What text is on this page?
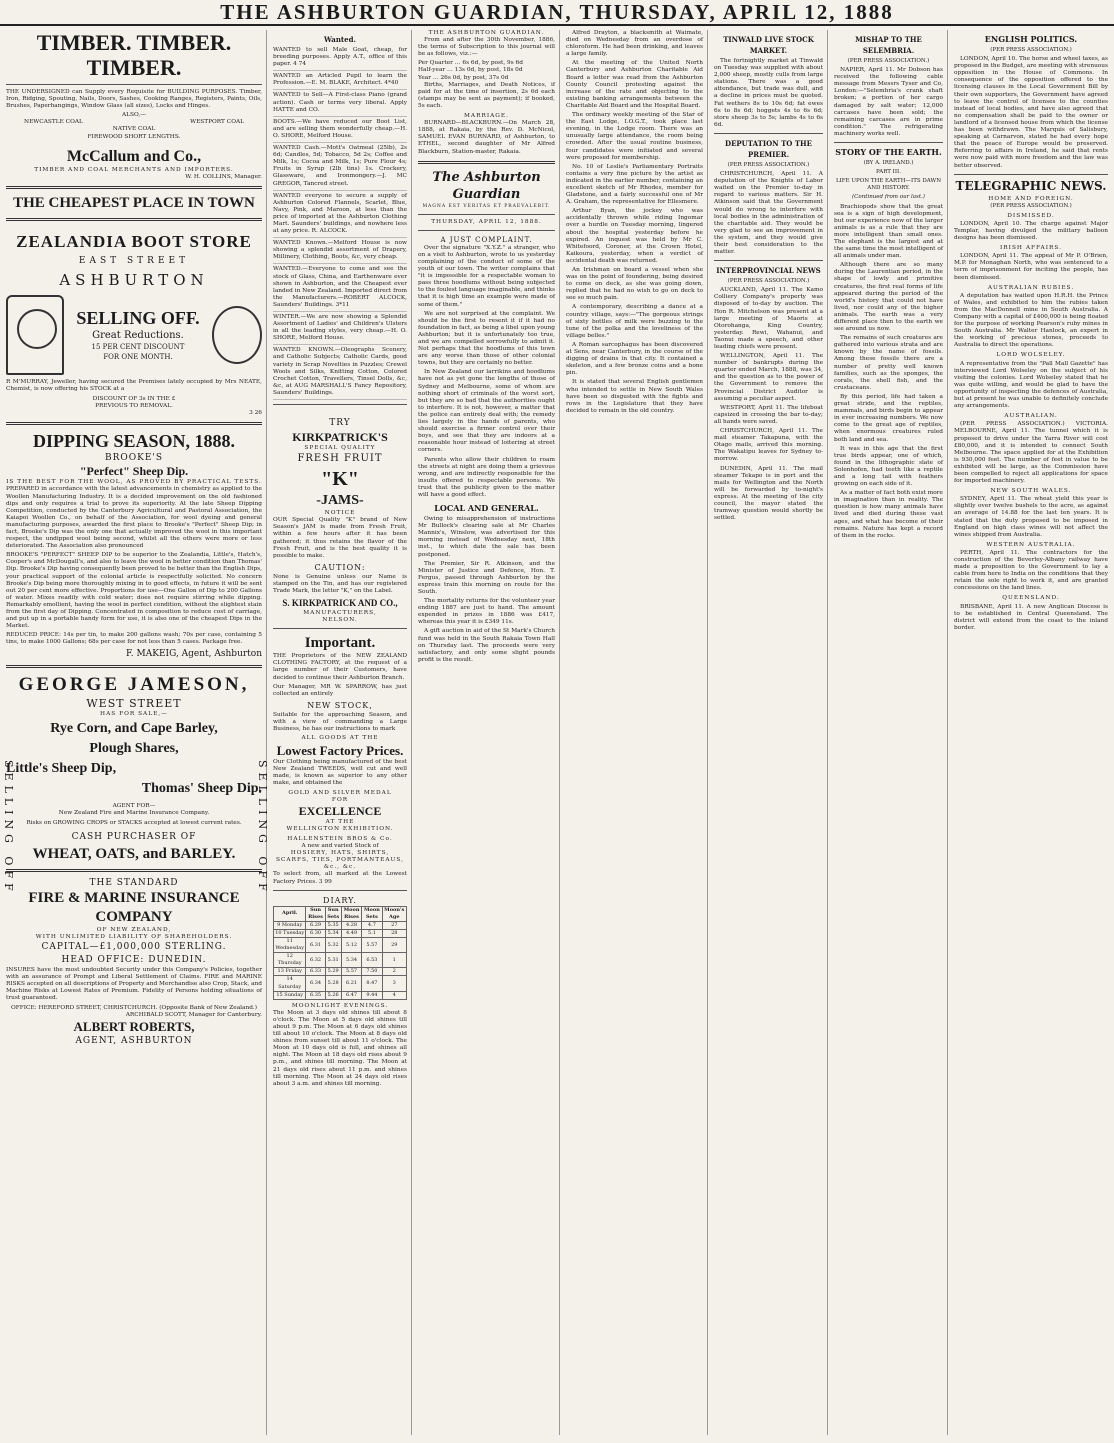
THE ASHBURTON GUARDIAN, THURSDAY, APRIL 12, 1888
TIMBER. TIMBER. TIMBER.

THE UNDERSIGNED can Supply every Requisite for BUILDING PURPOSES. Timber, Iron, Ridging, Spouting, Nails, Doors, Sashes, Cooking Ranges, Registers, Paints, Oils, Brushes, Paperhangings, Window Glass (all sizes), Locks and Hinges.

ALSO,—
NEWCASTLE COAL	WESTPORT COAL
NATIVE COAL
FIREWOOD SHORT LENGTHS.
McCallum and Co.,
TIMBER AND COAL MERCHANTS AND IMPORTERS.
W. H. COLLINS, Manager.
THE CHEAPEST PLACE IN TOWN
ZEALANDIA BOOT STORE
EAST STREET
ASHBURTON
SELLING OFF.
Great Reductions.
15 PER CENT DISCOUNT
FOR ONE MONTH.

R M'MURRAY, Jeweller, having secured the Premises lately occupied by Mrs NEATE, Chemist, is now offering his STOCK at a

DISCOUNT OF 3s IN THE £
PREVIOUS TO REMOVAL.
3 26
DIPPING SEASON, 1888.
BROOKE'S
"Perfect" Sheep Dip.
IS THE BEST FOR THE WOOL, AS PROVED BY PRACTICAL TESTS.

PREPARED in accordance with the latest advancements in chemistry as applied to the Woollen Manufacturing Industry. It is a decided improvement on the old fashioned dips and only requires a trial to prove its superiority. At the late Sheep Dipping Competition, conducted by the Canterbury Agricultural and Pastoral Association, the Kaiapoi Woollen Co., on behalf of the Association, for wool dyeing and general manufacturing purposes, awarded the first place to Brooke's "Perfect" Sheep Dip; in fact, Brooke's Dip was the only one that actually improved the wool in this important respect, the undipped wool being second, whilst all the others were more or less deteriorated. The Association also pronounced

BROOKE'S "PERFECT" SHEEP DIP to be superior to the Zealandia, Little's, Hatch's, Cooper's and McDougall's, and also to leave the wool in better condition than Thomas' Dip. Brooke's Dip having consequently been proved to be better than the English Dips, your practical support of the colonial article is respectfully solicited. No concern Brooke's Dip being more thoroughly mixing in to good effects, in future it will be sent out 20 per cent more effective. Proportions for use—One Gallon of Dip to 200 Gallons of water. Mixes readily with cold water; does not require stirring while dipping. Remarkably emollient, having the wool in perfect condition, without the slightest stain from the first day of Dipping. Concentrated in composition to reduce cost of carriage, and put up in a portable handy form for use, it is also one of the cheapest Dips in the Market.

REDUCED PRICE: 14s per tin, to make 200 gallons wash; 70s per case, containing 5 tins, to make 1000 Gallons; 68s per case for not less than 5 cases. Package free.

F. MAKEIG, Agent, Ashburton
GEORGE JAMESON,
WEST STREET
HAS FOR SALE,—
Rye Corn, and Cape Barley,
Plough Shares,
Little's Sheep Dip,
Thomas' Sheep Dip.
AGENT FOR—
New Zealand Fire and Marine Insurance Company.
Risks on GROWING CROPS or STACKS accepted at lowest current rates.
CASH PURCHASER OF
WHEAT, OATS, and BARLEY.
THE STANDARD
FIRE & MARINE INSURANCE COMPANY
OF NEW ZEALAND,
WITH UNLIMITED LIABILITY OF SHAREHOLDERS.
CAPITAL—£1,000,000 STERLING.
HEAD OFFICE: DUNEDIN.

INSURES have the most undoubted Security under this Company's Policies, together with an assurance of Prompt and Liberal Settlement of Claims. FIRE and MARINE RISKS accepted on all descriptions of Property and Merchandise also Crop, Stack, and Machine Risks at Lowest Rates of Premium. Fidelity of Persons holding situations of trust guaranteed.

OFFICE: HEREFORD STREET, CHRISTCHURCH. (Opposite Bank of New Zealand.)
ARCHIBALD SCOTT, Manager for Canterbury.
ALBERT ROBERTS,
AGENT, ASHBURTON
SELLING OFF	SELLING OFF
Wanted.

WANTED to sell Male Goat, cheap, for breeding purposes. Apply A.T., office of this paper. 4 74

WANTED an Articled Pupil to learn the Profession.—E. M. BLAKE, Architect. 4*40

WANTED to Sell—A First-class Piano (grand action). Cash or terms very liberal. Apply HATTE and CO.

BOOTS.—We have reduced our Boot List, and are selling them wonderfully cheap.—H. O. SHORE, Melford House.

WANTED Cash.—Mott's Oatmeal (25lb), 2s 6d; Candles, 5d; Tobacco, 5d 2s; Coffee and Milk, 1s; Cocoa and Milk, 1s; Pure Flour 4s; Fruits in Syrup (2lb tins) 1s. Crockery, Glassware, and Ironmongery.—J. MC GREGOR, Tancred street.

WANTED everyone to secure a supply of Ashburton Colored Flannels, Scarlet, Blue, Navy, Pink, and Maroon, at less than the price of imported at the Ashburton Clothing Mart. Saunders' buildings, and nowhere less at any price. R. ALCOCK.

WANTED Known.—Melford House is now showing a splendid assortment of Drapery, Millinery, Clothing, Boots, &c, very cheap.

WANTED.—Everyone to come and see the stock of Glass, China, and Earthenware ever shown in Ashburton, and the Cheapest ever landed in New Zealand. Imported direct from the Manufacturers.—ROBERT ALCOCK, Saunders' Buildings. 3*11

WINTER.—We are now showing a Splendid Assortment of Ladies' and Children's Ulsters in all the leading styles, very cheap.—H. O. SHORE, Melford House.

WANTED KNOWN.—Oleographs Scenery, and Catholic Subjects; Catholic Cards, good variety in Scrap Novelties in Puzzles; Crewel Wools and Silks, Knitting Cotton, Colored Crochet Cotton, Travellers, Tinsel Dolls, &c, &c, at AUG MARSHALL'S Fancy Repository, Saunders' Buildings.

TRY
KIRKPATRICK'S
SPECIAL QUALITY
FRESH FRUIT
"K"
-JAMS-
NOTICE

OUR Special Quality "K" brand of New Season's JAM is made from Fresh Fruit, within a few hours after it has been gathered; it thus retains the flavor of the Fresh Fruit, and is the best quality it is possible to make.

CAUTION:

None is Genuine unless our Name is stamped on the Tin, and has our registered Trade Mark, the letter "K," on the Label.

S. KIRKPATRICK AND CO.,
MANUFACTURERS,
NELSON.
Important.

THE Proprietors of the NEW ZEALAND CLOTHING FACTORY, at the request of a large number of their Customers, have decided to continue their Ashburton Branch.

Our Manager, MR W. SPARROW, has just collected an entirely

NEW STOCK,

Suitable for the approaching Season, and with a view of commanding a Large Business, he has our instructions to mark

ALL GOODS AT THE
Lowest Factory Prices.

Our Clothing being manufactured of the best New Zealand TWEEDS, well cut and well made, is known as superior to any other make, and obtained the

GOLD AND SILVER MEDAL
FOR
EXCELLENCE
AT THE
WELLINGTON EXHIBITION.
HALLENSTEIN BROS & Co.
A new and varied Stock of
HOSIERY, HATS, SHIRTS, SCARFS, TIES, PORTMANTEAUS, &c., &c.

To select from, all marked at the Lowest Factory Prices. 3 99

DIARY.
April.	Sun Rises	Sun Sets	Moon Rises	Moon Sets	Moon's Age
9 Monday	6.29	5.35	4.28	4.7	27
10 Tuesday	6.30	5.34	4.49	5.1	28
11 Wednesday	6.31	5.32	5.12	5.57	29
12 Thursday	6.32	5.31	5.34	6.53	1
13 Friday	6.33	5.29	5.57	7.50	2
14 Saturday	6.34	5.28	6.21	8.47	3
15 Sunday	6.35	5.26	6.47	9.44	4
MOONLIGHT EVENINGS.

The Moon at 3 days old shines till about 8 o'clock. The Moon at 5 days old shines till about 9 p.m. The Moon at 6 days old shines till about 10 o'clock. The Moon at 8 days old shines from sunset till about 11 o'clock. The Moon at 10 days old is full, and shines all night. The Moon at 18 days old rises about 9 p.m., and shines till morning. The Moon at 21 days old rises about 11 p.m. and shines till morning. The Moon at 24 days old rises about 3 a.m. and shines till morning.

THE ASHBURTON GUARDIAN.

From and after the 30th November, 1886, the terms of Subscription to this journal will be as follows, viz.:—

Per Quarter … 6s 6d, by post, 9s 6d
Half-year … 13s 0d, by post, 18s 0d
Year … 26s 0d, by post, 37s 0d

Births, Marriages, and Death Notices, if paid for at the time of insertion, 2s 6d each (stamps may be sent as payment); if booked, 5s each.

MARRIAGE.

BURNARD—BLACKBURN.—On March 28, 1888, at Rakaia, by the Rev. D. McNicol, SAMUEL EVAN BURNARD, of Ashburton, to ETHEL, second daughter of Mr Alfred Blackburn, Station-master, Rakaia.

The Ashburton Guardian
MAGNA EST VERITAS ET PRAEVALEBIT.
THURSDAY, APRIL 12, 1888.
A JUST COMPLAINT.

Over the signature "X.Y.Z." a stranger, who on a visit to Ashburton, wrote to us yesterday complaining of the conduct of some of the youth of our town. The writer complains that "it is impossible for a respectable woman to pass three hoodlums without being subjected to the foulest language imaginable, and thinks that it is high time an example were made of some of them."

We are not surprised at the complaint. We should be the first to resent it if it had no foundation in fact, as being a libel upon young Ashburton; but it is unfortunately too true, and we are compelled sorrowfully to admit it. Not perhaps that the hoodlums of this town are any worse than those of other colonial towns, but they are certainly no better.

In New Zealand our larrikins and hoodlums have not as yet gone the lengths of those of Sydney and Melbourne, some of whom are nothing short of criminals of the worst sort, but they are so bad that the authorities ought to interfere. It is not, however, a matter that the police can entirely deal with; the remedy lies largely in the hands of parents, who should exercise a firmer control over their boys, and see that they are indoors at a reasonable hour instead of loitering at street corners.

Parents who allow their children to roam the streets at night are doing them a grievous wrong, and are indirectly responsible for the insults offered to respectable persons. We trust that the publicity given to the matter will have a good effect.

LOCAL AND GENERAL.

Owing to misapprehension of instructions Mr Bullock's clearing sale at Mr Charles Mannix's, Winslow, was advertised for this morning instead of Wednesday next, 18th inst., to which date the sale has been postponed.

The Premier, Sir R. Atkinson, and the Minister of Justice and Defence, Hon. T. Fergus, passed through Ashburton by the express train this morning on route for the South.

The mortality returns for the volunteer year ending 1887 are just to hand. The amount expended in prizes in 1886 was £417, whereas this year it is £349 11s.

A gift auction in aid of the St Mark's Church fund was held in the South Rakaia Town Hall on Thursday last. The proceeds were very satisfactory, and only some slight pounds profit is the result.

Alfred Drayton, a blacksmith at Waimate, died on Wednesday from an overdose of chloroform. He had been drinking, and leaves a large family.

At the meeting of the United North Canterbury and Ashburton Charitable Aid Board a letter was read from the Ashburton County Council protesting against the increase of the rate and objecting to the existing banking arrangements between the Charitable Aid Board and the Hospital Board.

The ordinary weekly meeting of the Star of the East Lodge, I.O.G.T., took place last evening, in the Lodge room. There was an unusually large attendance, the room being crowded. After the usual routine business, four candidates were initiated and several were proposed for membership.

No. 10 of Leslie's Parliamentary Portraits contains a very fine picture by the artist as indicated in the earlier number, containing an excellent sketch of Mr Rhodes, member for Gladstone, and a fairly successful one of Mr A. Graham, the representative for Ellesmere.

Arthur Byan, the jockey who was accidentally thrown while riding Ingomar over a hurdle on Tuesday morning, lingered about the hospital yesterday before he expired. An inquest was held by Mr C. Whitefoord, Coroner, at the Crown Hotel, Kaikoura, yesterday, when a verdict of accidental death was returned.

An Irishman on board a vessel when she was on the point of foundering, being desired to come on deck, as she was going down, replied that he had no wish to go on deck to see so much pain.

A contemporary, describing a dance at a country village, says:—"The gorgeous strings of sixty bottles of milk were buzzing to the tune of the polka and the loveliness of the village belles."

A Roman sarcophagus has been discovered at Sens, near Canterbury, in the course of the digging of drains in that city. It contained a skeleton, and a few bronze coins and a bone pin.

It is stated that several English gentlemen who intended to settle in New South Wales have been so disgusted with the fights and rows in the Legislature that they have decided to remain in the old country.

TINWALD LIVE STOCK MARKET.

The fortnightly market at Tinwald on Tuesday was supplied with about 2,000 sheep, mostly culls from large stations. There was a good attendance, but trade was dull, and a decline in prices must be quoted. Fat wethers 8s to 10s 6d; fat ewes 6s to 8s 6d; hoggets 4s to 6s 6d; store sheep 3s to 5s; lambs 4s to 6s 6d.

DEPUTATION TO THE PREMIER.
(PER PRESS ASSOCIATION.)

CHRISTCHURCH, April 11. A deputation of the Knights of Labor waited on the Premier to-day in regard to various matters. Sir H. Atkinson said that the Government would do wrong to interfere with local bodies in the administration of the charitable aid. They would be very glad to see an improvement in the system, and they would give their best consideration to the matter.

INTERPROVINCIAL NEWS
(PER PRESS ASSOCIATION.)

AUCKLAND, April 11. The Kamo Colliery Company's property was disposed of to-day by auction. The Hon R. Mitchelson was present at a large meeting of Maoris at Otorohanga, King Country, yesterday. Rewi, Wahanui, and Taonui made a speech, and other leading chiefs were present.

WELLINGTON, April 11. The number of bankrupts during the quarter ended March, 1888, was 34, and the question as to the power of the Government to remove the Provincial District Auditor is assuming a peculiar aspect.

WESTPORT, April 11. The lifeboat capsized in crossing the bar to-day; all hands were saved.

CHRISTCHURCH, April 11. The mail steamer Takapuna, with the Otago mails, arrived this morning. The Wakatipu leaves for Sydney to-morrow.

DUNEDIN, April 11. The mail steamer Tekapo is in port and the mails for Wellington and the North will be forwarded by to-night's express. At the meeting of the city council, the mayor stated the tramway question would shortly be settled.

MISHAP TO THE SELEMBRIA.
(PER PRESS ASSOCIATION.)

NAPIER, April 11. Mr Dobson has received the following cable message from Messrs Tyser and Co, London:—"Selembria's crank shaft broken; a portion of her cargo damaged by salt water; 12,000 carcases have been sold; the remaining carcases are in prime condition." The refrigerating machinery works well.

STORY OF THE EARTH.
(BY A. IRELAND.)
PART III.
LIFE UPON THE EARTH—ITS DAWN AND HISTORY.
(Continued from our last.)

Brachiopods show that the great sea is a sign of high development, but our experience now of the larger animals is as a rule that they are more intelligent than small ones. The elephant is the largest and at the same time the most intelligent of all animals under man.

Although there are so many during the Laurentian period, in the shape of lowly and primitive creatures, the first real forms of life appeared during the period of the world's history that could not have lived, nor could any of the higher animals. The earth was a very different place then to the earth we see around us now.

The remains of such creatures are gathered into various strata and are known by the name of fossils. Among these fossils there are a number of pretty well known families, such as the sponges, the corals, the shell fish, and the crustaceans.

By this period, life had taken a great stride, and the reptiles, mammals, and birds begin to appear in ever increasing numbers. We now come to the great age of reptiles, when enormous creatures ruled both land and sea.

It was in this age that the first true birds appear, one of which, found in the lithographic slate of Solenhofen, had teeth like a reptile and a long tail with feathers growing on each side of it.

As a matter of fact both exist more in imagination than in reality. The question is how many animals have lived and died during these vast ages, and what has become of their remains. Nature has kept a record of them in the rocks.

ENGLISH POLITICS.
(PER PRESS ASSOCIATION.)

LONDON, April 10. The horse and wheel taxes, as proposed in the Budget, are meeting with strenuous opposition in the House of Commons. In consequence of the opposition offered to the licensing clauses in the Local Government Bill by their own supporters, the Government have agreed to leave the control of licenses to the counties instead of local bodies, and have also agreed that no compensation shall be paid to the owner or landlord of a licensed house from which the license has been withdrawn. The Marquis of Salisbury, speaking at Carnarvon, stated he had every hope that the peace of Europe would be preserved. Referring to affairs in Ireland, he said that rents were now paid with more freedom and the law was better observed.

TELEGRAPHIC NEWS.
HOME AND FOREIGN.
(PER PRESS ASSOCIATION.)
DISMISSED.

LONDON, April 10. The charge against Major Templar, having divulged the military balloon designs has been dismissed.

IRISH AFFAIRS.

LONDON, April 11. The appeal of Mr P. O'Brien, M.P. for Monaghan North, who was sentenced to a term of imprisonment for inciting the people, has been dismissed.

AUSTRALIAN RUBIES.

A deputation has waited upon H.R.H. the Prince of Wales, and exhibited to him the rubies taken from the MacDonnell mine in South Australia. A Company with a capital of £400,000 is being floated for the purpose of working Pearson's ruby mines in South Australia. Mr Walter Hanlock, an expert in the working of precious stones, proceeds to Australia to direct the operations.

LORD WOLSELEY.

A representative from the "Pall Mall Gazette" has interviewed Lord Wolseley on the subject of his visiting the colonies. Lord Wolseley stated that he was quite willing, and would be glad to have the opportunity of inspecting the defences of Australia, but at present he was unable to definitely conclude any arrangements.

AUSTRALIAN.

(PER PRESS ASSOCIATION.) VICTORIA. MELBOURNE, April 11. The tunnel which it is proposed to drive under the Yarra River will cost £80,000, and it is intended to connect South Melbourne. The space applied for at the Exhibition is 930,000 feet. The number of feet in value to be exhibited will be large, as the Commission have been compelled to reject all applications for space for imported machinery.

NEW SOUTH WALES.

SYDNEY, April 11. The wheat yield this year is slightly over twelve bushels to the acre, as against an average of 14.88 for the last ten years. It is stated that the duty proposed to be imposed in England on high class wines will not affect the wines shipped from Australia.

WESTERN AUSTRALIA.

PERTH, April 11. The contractors for the construction of the Beverley-Albany railway have made a proposition to the Government to lay a cable from here to India on the conditions that they retain the sole right to work it, and are granted concessions on the land lines.

QUEENSLAND.

BRISBANE, April 11. A new Anglican Diocese is to be established in Central Queensland. The district will extend from the coast to the inland border.
